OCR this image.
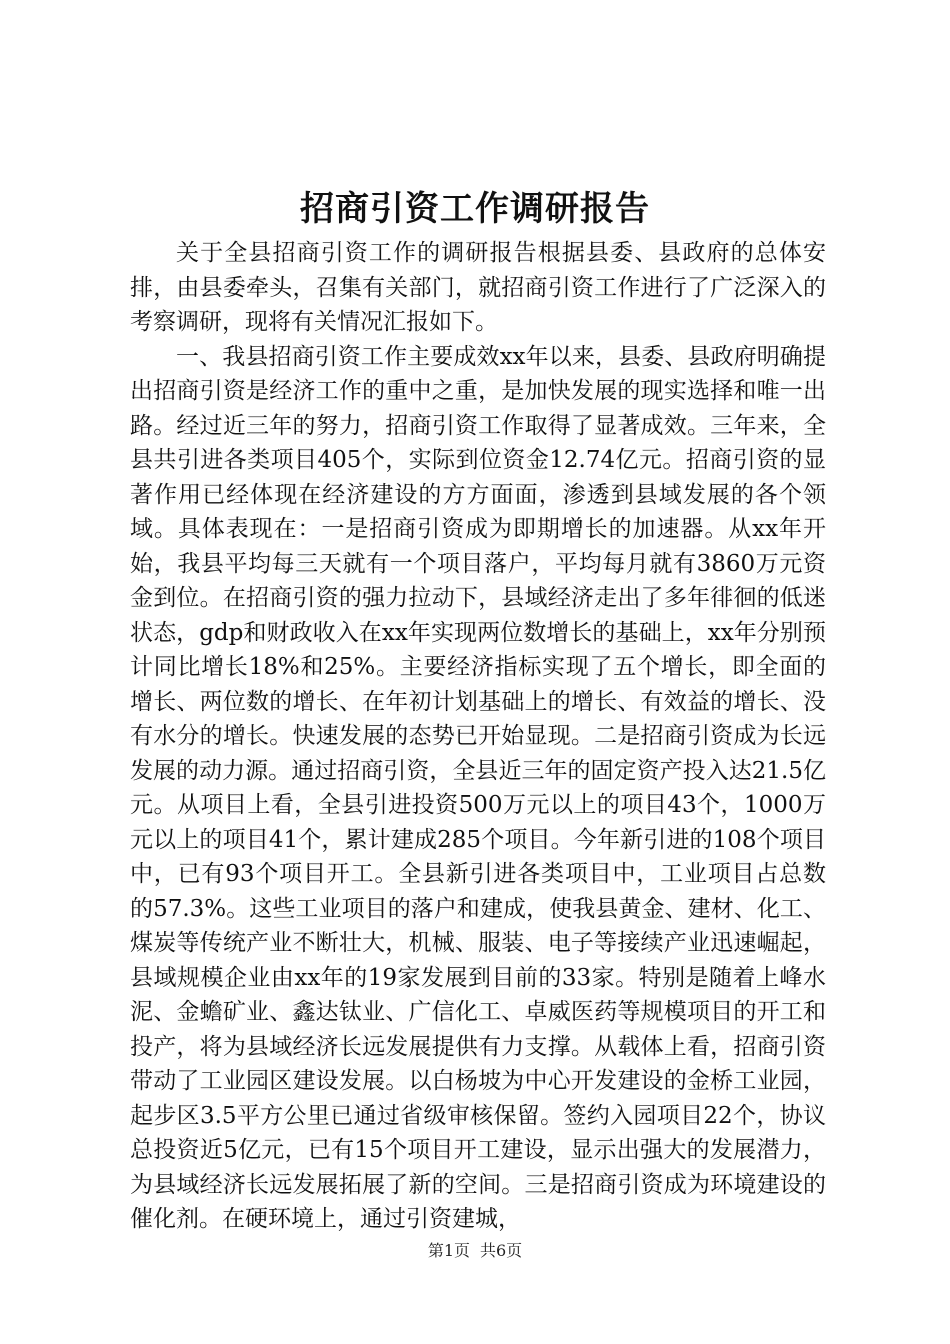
招商引资工作调研报告

关于全县招商引资工作的调研报告根据县委、县政府的总体安排，由县委牵头，召集有关部门，就招商引资工作进行了广泛深入的考察调研，现将有关情况汇报如下。

一、我县招商引资工作主要成效xx年以来，县委、县政府明确提出招商引资是经济工作的重中之重，是加快发展的现实选择和唯一出路。经过近三年的努力，招商引资工作取得了显著成效。三年来，全县共引进各类项目405个，实际到位资金12.74亿元。招商引资的显著作用已经体现在经济建设的方方面面，渗透到县域发展的各个领域。具体表现在：一是招商引资成为即期增长的加速器。从xx年开始，我县平均每三天就有一个项目落户，平均每月就有3860万元资金到位。在招商引资的强力拉动下，县域经济走出了多年徘徊的低迷状态，gdp和财政收入在xx年实现两位数增长的基础上，xx年分别预计同比增长18%和25%。主要经济指标实现了五个增长，即全面的增长、两位数的增长、在年初计划基础上的增长、有效益的增长、没有水分的增长。快速发展的态势已开始显现。二是招商引资成为长远发展的动力源。通过招商引资，全县近三年的固定资产投入达21.5亿元。从项目上看，全县引进投资500万元以上的项目43个，1000万元以上的项目41个，累计建成285个项目。今年新引进的108个项目中，已有93个项目开工。全县新引进各类项目中，工业项目占总数的57.3%。这些工业项目的落户和建成，使我县黄金、建材、化工、煤炭等传统产业不断壮大，机械、服装、电子等接续产业迅速崛起，县域规模企业由xx年的19家发展到目前的33家。特别是随着上峰水泥、金蟾矿业、鑫达钛业、广信化工、卓威医药等规模项目的开工和投产，将为县域经济长远发展提供有力支撑。从载体上看，招商引资带动了工业园区建设发展。以白杨坡为中心开发建设的金桥工业园，起步区3.5平方公里已通过省级审核保留。签约入园项目22个，协议总投资近5亿元，已有15个项目开工建设，显示出强大的发展潜力，为县域经济长远发展拓展了新的空间。三是招商引资成为环境建设的催化剂。在硬环境上，通过引资建城，

第1页 共6页
